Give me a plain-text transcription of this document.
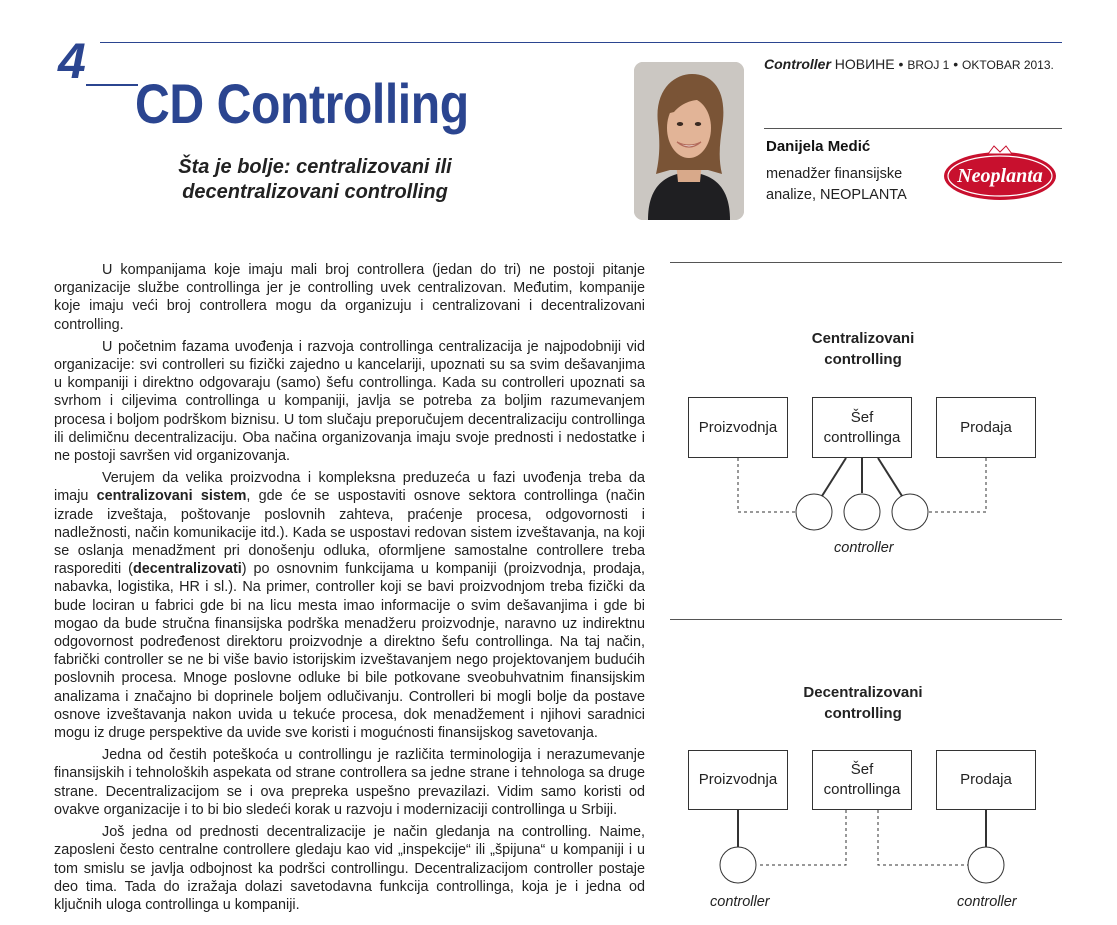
4
CD Controlling
Šta je bolje: centralizovani ili decentralizovani controlling
Controller НОВИНЕ • BROJ 1 • OKTOBAR 2013.
Danijela Medić
menadžer finansijske
analize, NEOPLANTA
Neoplanta

U kompanijama koje imaju mali broj controllera (jedan do tri) ne postoji pitanje organizacije službe controllinga jer je controlling uvek centralizovan. Međutim, kompanije koje imaju veći broj controllera mogu da organizuju i centralizovani i decentralizovani controlling.

U početnim fazama uvođenja i razvoja controllinga centralizacija je najpodobniji vid organizacije: svi controlleri su fizički zajedno u kancelariji, upoznati su sa svim dešavanjima u kompaniji i direktno odgovaraju (samo) šefu controllinga. Kada su controlleri upoznati sa svrhom i ciljevima controllinga u kompaniji, javlja se potreba za boljim razumevanjem procesa i boljom podrškom biznisu. U tom slučaju preporučujem decentralizaciju controllinga ili delimičnu decentralizaciju. Oba načina organizovanja imaju svoje prednosti i nedostatke i ne postoji savršen vid organizovanja.

Verujem da velika proizvodna i kompleksna preduzeća u fazi uvođenja treba da imaju centralizovani sistem, gde će se uspostaviti osnove sektora controllinga (način izrade izveštaja, poštovanje poslovnih zahteva, praćenje procesa, odgovornosti i nadležnosti, način komunikacije itd.). Kada se uspostavi redovan sistem izveštavanja, na koji se oslanja menadžment pri donošenju odluka, oformljene samostalne controllere treba rasporediti (decentralizovati) po osnovnim funkcijama u kompaniji (proizvodnja, prodaja, nabavka, logistika, HR i sl.). Na primer, controller koji se bavi proizvodnjom treba fizički da bude lociran u fabrici gde bi na licu mesta imao informacije o svim dešavanjima i gde bi mogao da bude stručna finansijska podrška menadžeru proizvodnje, naravno uz indirektnu odgovornost podređenost direktoru proizvodnje a direktno šefu controllinga. Na taj način, fabrički controller se ne bi više bavio istorijskim izveštavanjem nego projektovanjem budućih poslovnih procesa. Mnoge poslovne odluke bi bile potkovane sveobuhvatnim finansijskim analizama i značajno bi doprinele boljem odlučivanju. Controlleri bi mogli bolje da postave osnove izveštavanja nakon uvida u tekuće procesa, dok menadžement i njihovi saradnici mogu iz druge perspektive da uvide sve koristi i mogućnosti finansijskog savetovanja.

Jedna od čestih poteškoća u controllingu je različita terminologija i nerazumevanje finansijskih i tehnoloških aspekata od strane controllera sa jedne strane i tehnologa sa druge strane. Decentralizacijom se i ova prepreka uspešno prevazilazi. Vidim samo koristi od ovakve organizacije i to bi bio sledeći korak u razvoju i modernizaciji controllinga u Srbiji.

Još jedna od prednosti decentralizacije je način gledanja na controlling. Naime, zaposleni često centralne controllere gledaju kao vid „inspekcije“ ili „špijuna“ u kompaniji i u tom smislu se javlja odbojnost ka podršci controllingu. Decentralizacijom controller postaje deo tima. Tada do izražaja dolazi savetodavna funkcija controllinga, koja je i jedna od ključnih uloga controllinga u kompaniji.

Centralizovani
controlling
Proizvodnja
Šef
controllinga
Prodaja
controller
Decentralizovani
controlling
Proizvodnja
Šef
controllinga
Prodaja
controller	controller
